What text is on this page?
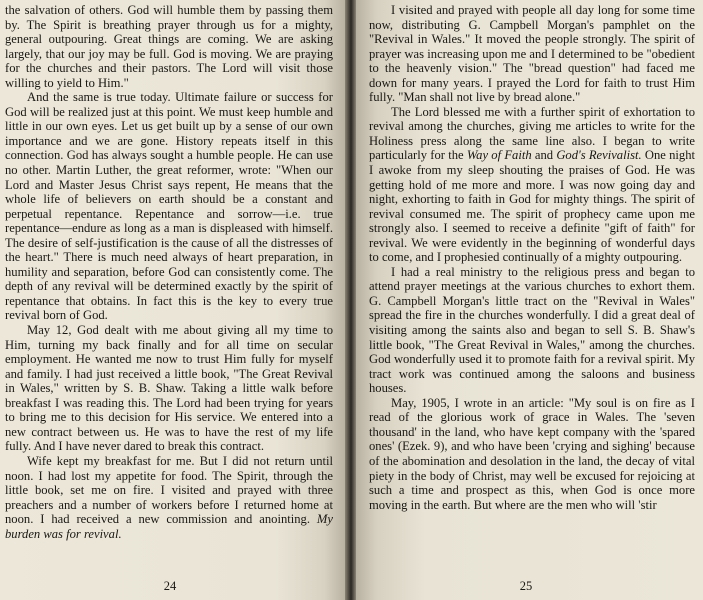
the salvation of others. God will humble them by passing them by. The Spirit is breathing prayer through us for a mighty, general outpouring. Great things are coming. We are asking largely, that our joy may be full. God is moving. We are praying for the churches and their pastors. The Lord will visit those willing to yield to Him."

And the same is true today. Ultimate failure or success for God will be realized just at this point. We must keep humble and little in our own eyes. Let us get built up by a sense of our own importance and we are gone. History repeats itself in this connection. God has always sought a humble people. He can use no other. Martin Luther, the great reformer, wrote: "When our Lord and Master Jesus Christ says repent, He means that the whole life of believers on earth should be a constant and perpetual repentance. Repentance and sorrow—i.e. true repentance—endure as long as a man is displeased with himself. The desire of self-justification is the cause of all the distresses of the heart." There is much need always of heart preparation, in humility and separation, before God can consistently come. The depth of any revival will be determined exactly by the spirit of repentance that obtains. In fact this is the key to every true revival born of God.

May 12, God dealt with me about giving all my time to Him, turning my back finally and for all time on secular employment. He wanted me now to trust Him fully for myself and family. I had just received a little book, "The Great Revival in Wales," written by S. B. Shaw. Taking a little walk before breakfast I was reading this. The Lord had been trying for years to bring me to this decision for His service. We entered into a new contract between us. He was to have the rest of my life fully. And I have never dared to break this contract.

Wife kept my breakfast for me. But I did not return until noon. I had lost my appetite for food. The Spirit, through the little book, set me on fire. I visited and prayed with three preachers and a number of workers before I returned home at noon. I had received a new commission and anointing. My burden was for revival.

24

I visited and prayed with people all day long for some time now, distributing G. Campbell Morgan's pamphlet on the "Revival in Wales." It moved the people strongly. The spirit of prayer was increasing upon me and I determined to be "obedient to the heavenly vision." The "bread question" had faced me down for many years. I prayed the Lord for faith to trust Him fully. "Man shall not live by bread alone."

The Lord blessed me with a further spirit of exhortation to revival among the churches, giving me articles to write for the Holiness press along the same line also. I began to write particularly for the Way of Faith and God's Revivalist. One night I awoke from my sleep shouting the praises of God. He was getting hold of me more and more. I was now going day and night, exhorting to faith in God for mighty things. The spirit of revival consumed me. The spirit of prophecy came upon me strongly also. I seemed to receive a definite "gift of faith" for revival. We were evidently in the beginning of wonderful days to come, and I prophesied continually of a mighty outpouring.

I had a real ministry to the religious press and began to attend prayer meetings at the various churches to exhort them. G. Campbell Morgan's little tract on the "Revival in Wales" spread the fire in the churches wonderfully. I did a great deal of visiting among the saints also and began to sell S. B. Shaw's little book, "The Great Revival in Wales," among the churches. God wonderfully used it to promote faith for a revival spirit. My tract work was continued among the saloons and business houses.

May, 1905, I wrote in an article: "My soul is on fire as I read of the glorious work of grace in Wales. The 'seven thousand' in the land, who have kept company with the 'spared ones' (Ezek. 9), and who have been 'crying and sighing' because of the abomination and desolation in the land, the decay of vital piety in the body of Christ, may well be excused for rejoicing at such a time and prospect as this, when God is once more moving in the earth. But where are the men who will 'stir

25
